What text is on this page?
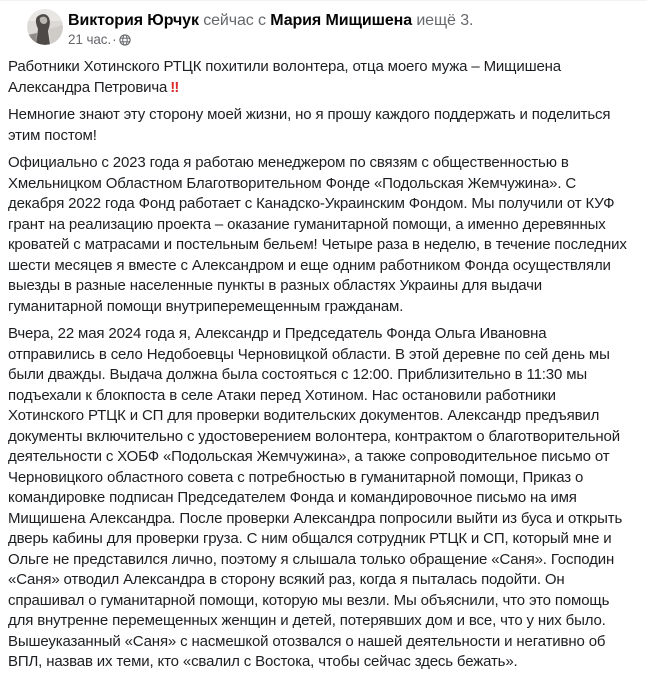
Виктория Юрчук сейчас с Мария Мищишена иещё 3.
21 час. ·

Работники Хотинского РТЦК похитили волонтера, отца моего мужа – Мищишена Александра Петровича ‼

Немногие знают эту сторону моей жизни, но я прошу каждого поддержать и поделиться этим постом!

Официально с 2023 года я работаю менеджером по связям с общественностью в Хмельницком Областном Благотворительном Фонде «Подольская Жемчужина». С декабря 2022 года Фонд работает с Канадско-Украинским Фондом. Мы получили от КУФ грант на реализацию проекта – оказание гуманитарной помощи, а именно деревянных кроватей с матрасами и постельным бельем! Четыре раза в неделю, в течение последних шести месяцев я вместе с Александром и еще одним работником Фонда осуществляли выезды в разные населенные пункты в разных областях Украины для выдачи гуманитарной помощи внутриперемещенным гражданам.

Вчера, 22 мая 2024 года я, Александр и Председатель Фонда Ольга Ивановна отправились в село Недобоевцы Черновицкой области. В этой деревне по сей день мы были дважды. Выдача должна была состояться с 12:00. Приблизительно в 11:30 мы подъехали к блокпоста в селе Атаки перед Хотином. Нас остановили работники Хотинского РТЦК и СП для проверки водительских документов. Александр предъявил документы включительно с удостоверением волонтера, контрактом о благотворительной деятельности с ХОБФ «Подольская Жемчужина», а также сопроводительное письмо от Черновицкого областного совета с потребностью в гуманитарной помощи, Приказ о командировке подписан Председателем Фонда и командировочное письмо на имя Мищишена Александра. После проверки Александра попросили выйти из буса и открыть дверь кабины для проверки груза. С ним общался сотрудник РТЦК и СП, который мне и Ольге не представился лично, поэтому я слышала только обращение «Саня». Господин «Саня» отводил Александра в сторону всякий раз, когда я пыталась подойти. Он спрашивал о гуманитарной помощи, которую мы везли. Мы объяснили, что это помощь для внутренне перемещенных женщин и детей, потерявших дом и все, что у них было. Вышеуказанный «Саня» с насмешкой отозвался о нашей деятельности и негативно об ВПЛ, назвав их теми, кто «свалил с Востока, чтобы сейчас здесь бежать».
